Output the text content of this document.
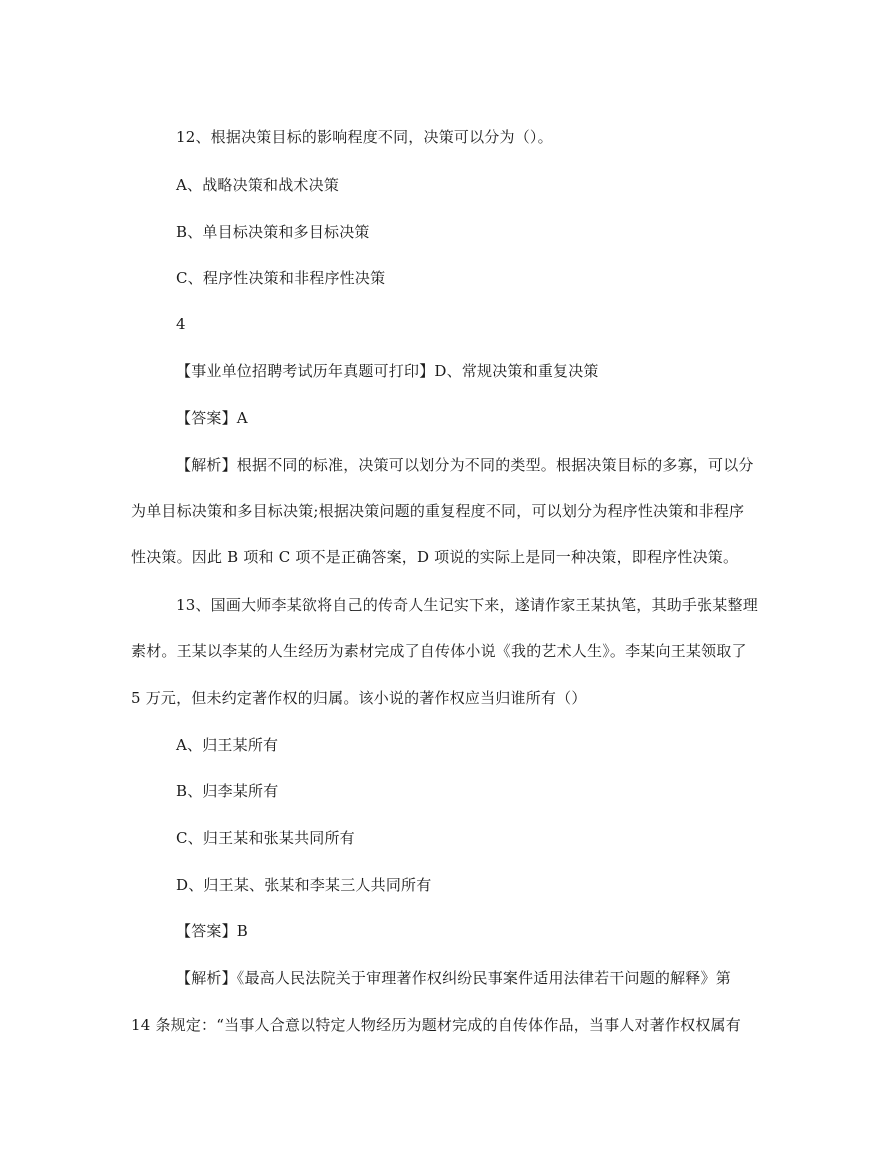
12、根据决策目标的影响程度不同，决策可以分为（）。
A、战略决策和战术决策
B、单目标决策和多目标决策
C、程序性决策和非程序性决策
4
【事业单位招聘考试历年真题可打印】D、常规决策和重复决策
【答案】A
【解析】根据不同的标准，决策可以划分为不同的类型。根据决策目标的多寡，可以分
为单目标决策和多目标决策;根据决策问题的重复程度不同，可以划分为程序性决策和非程序
性决策。因此 B 项和 C 项不是正确答案，D 项说的实际上是同一种决策，即程序性决策。
13、国画大师李某欲将自己的传奇人生记实下来，遂请作家王某执笔，其助手张某整理
素材。王某以李某的人生经历为素材完成了自传体小说《我的艺术人生》。李某向王某领取了
5 万元，但未约定著作权的归属。该小说的著作权应当归谁所有（）
A、归王某所有
B、归李某所有
C、归王某和张某共同所有
D、归王某、张某和李某三人共同所有
【答案】B
【解析】《最高人民法院关于审理著作权纠纷民事案件适用法律若干问题的解释》第
14 条规定：“当事人合意以特定人物经历为题材完成的自传体作品，当事人对著作权权属有
